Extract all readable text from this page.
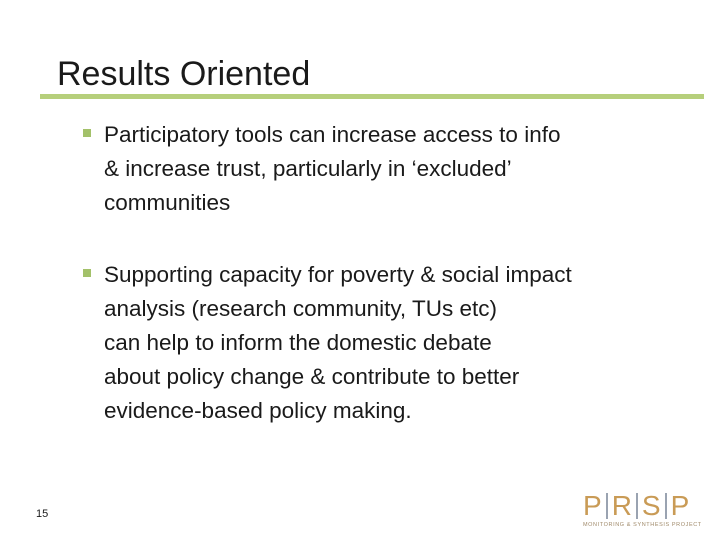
Results Oriented
Participatory tools can increase access to info
& increase trust, particularly in ‘excluded’
communities
Supporting capacity for poverty & social impact
analysis (research community, TUs etc)
can help to inform the domestic debate
about policy change & contribute to better
evidence-based policy making.
15	P R S P
MONITORING & SYNTHESIS PROJECT
